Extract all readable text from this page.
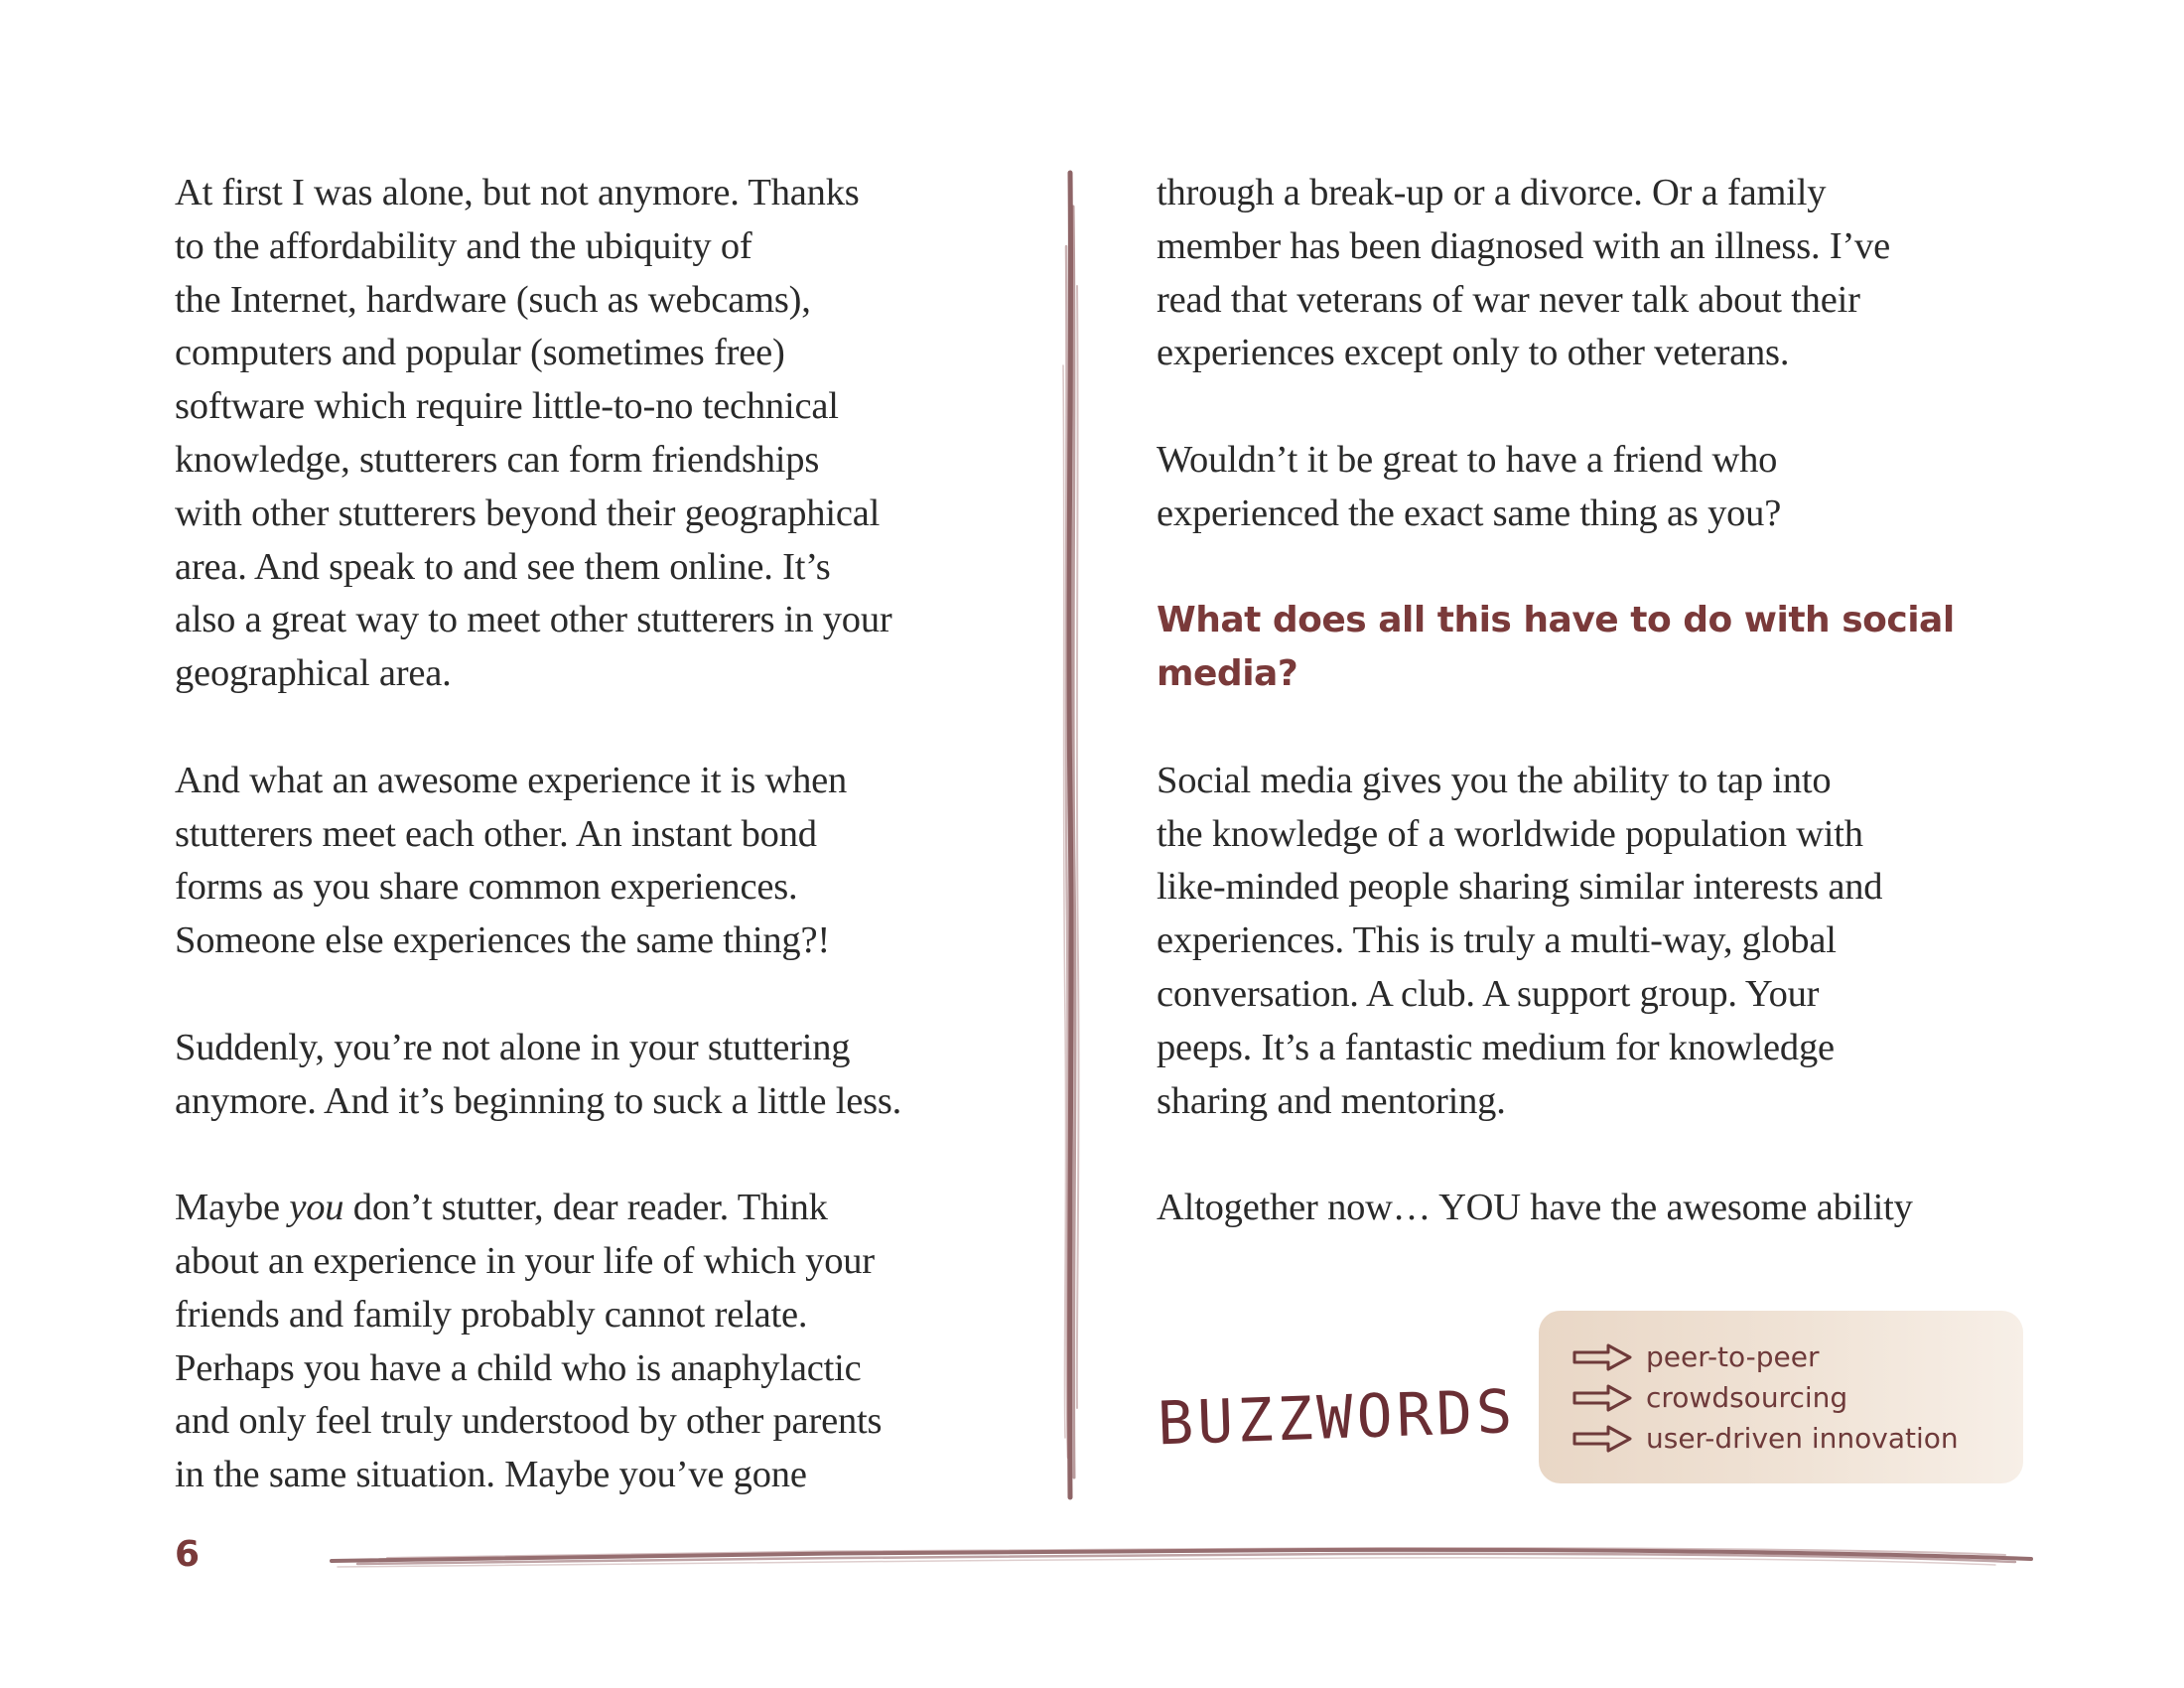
At first I was alone, but not anymore. Thanks
to the affordability and the ubiquity of
the Internet, hardware (such as webcams),
computers and popular (sometimes free)
software which require little-to-no technical
knowledge, stutterers can form friendships
with other stutterers beyond their geographical
area. And speak to and see them online. It’s
also a great way to meet other stutterers in your
geographical area.
And what an awesome experience it is when
stutterers meet each other. An instant bond
forms as you share common experiences.
Someone else experiences the same thing?!
Suddenly, you’re not alone in your stuttering
anymore. And it’s beginning to suck a little less.
Maybe you don’t stutter, dear reader. Think
about an experience in your life of which your
friends and family probably cannot relate.
Perhaps you have a child who is anaphylactic
and only feel truly understood by other parents
in the same situation. Maybe you’ve gone
through a break-up or a divorce. Or a family
member has been diagnosed with an illness. I’ve
read that veterans of war never talk about their
experiences except only to other veterans.
Wouldn’t it be great to have a friend who
experienced the exact same thing as you?
What does all this have to do with social
media?
Social media gives you the ability to tap into
the knowledge of a worldwide population with
like-minded people sharing similar interests and
experiences. This is truly a multi-way, global
conversation. A club. A support group. Your
peeps. It’s a fantastic medium for knowledge
sharing and mentoring.
Altogether now… YOU have the awesome ability
BUZZWORDS
peer-to-peer
crowdsourcing
user-driven innovation
6
